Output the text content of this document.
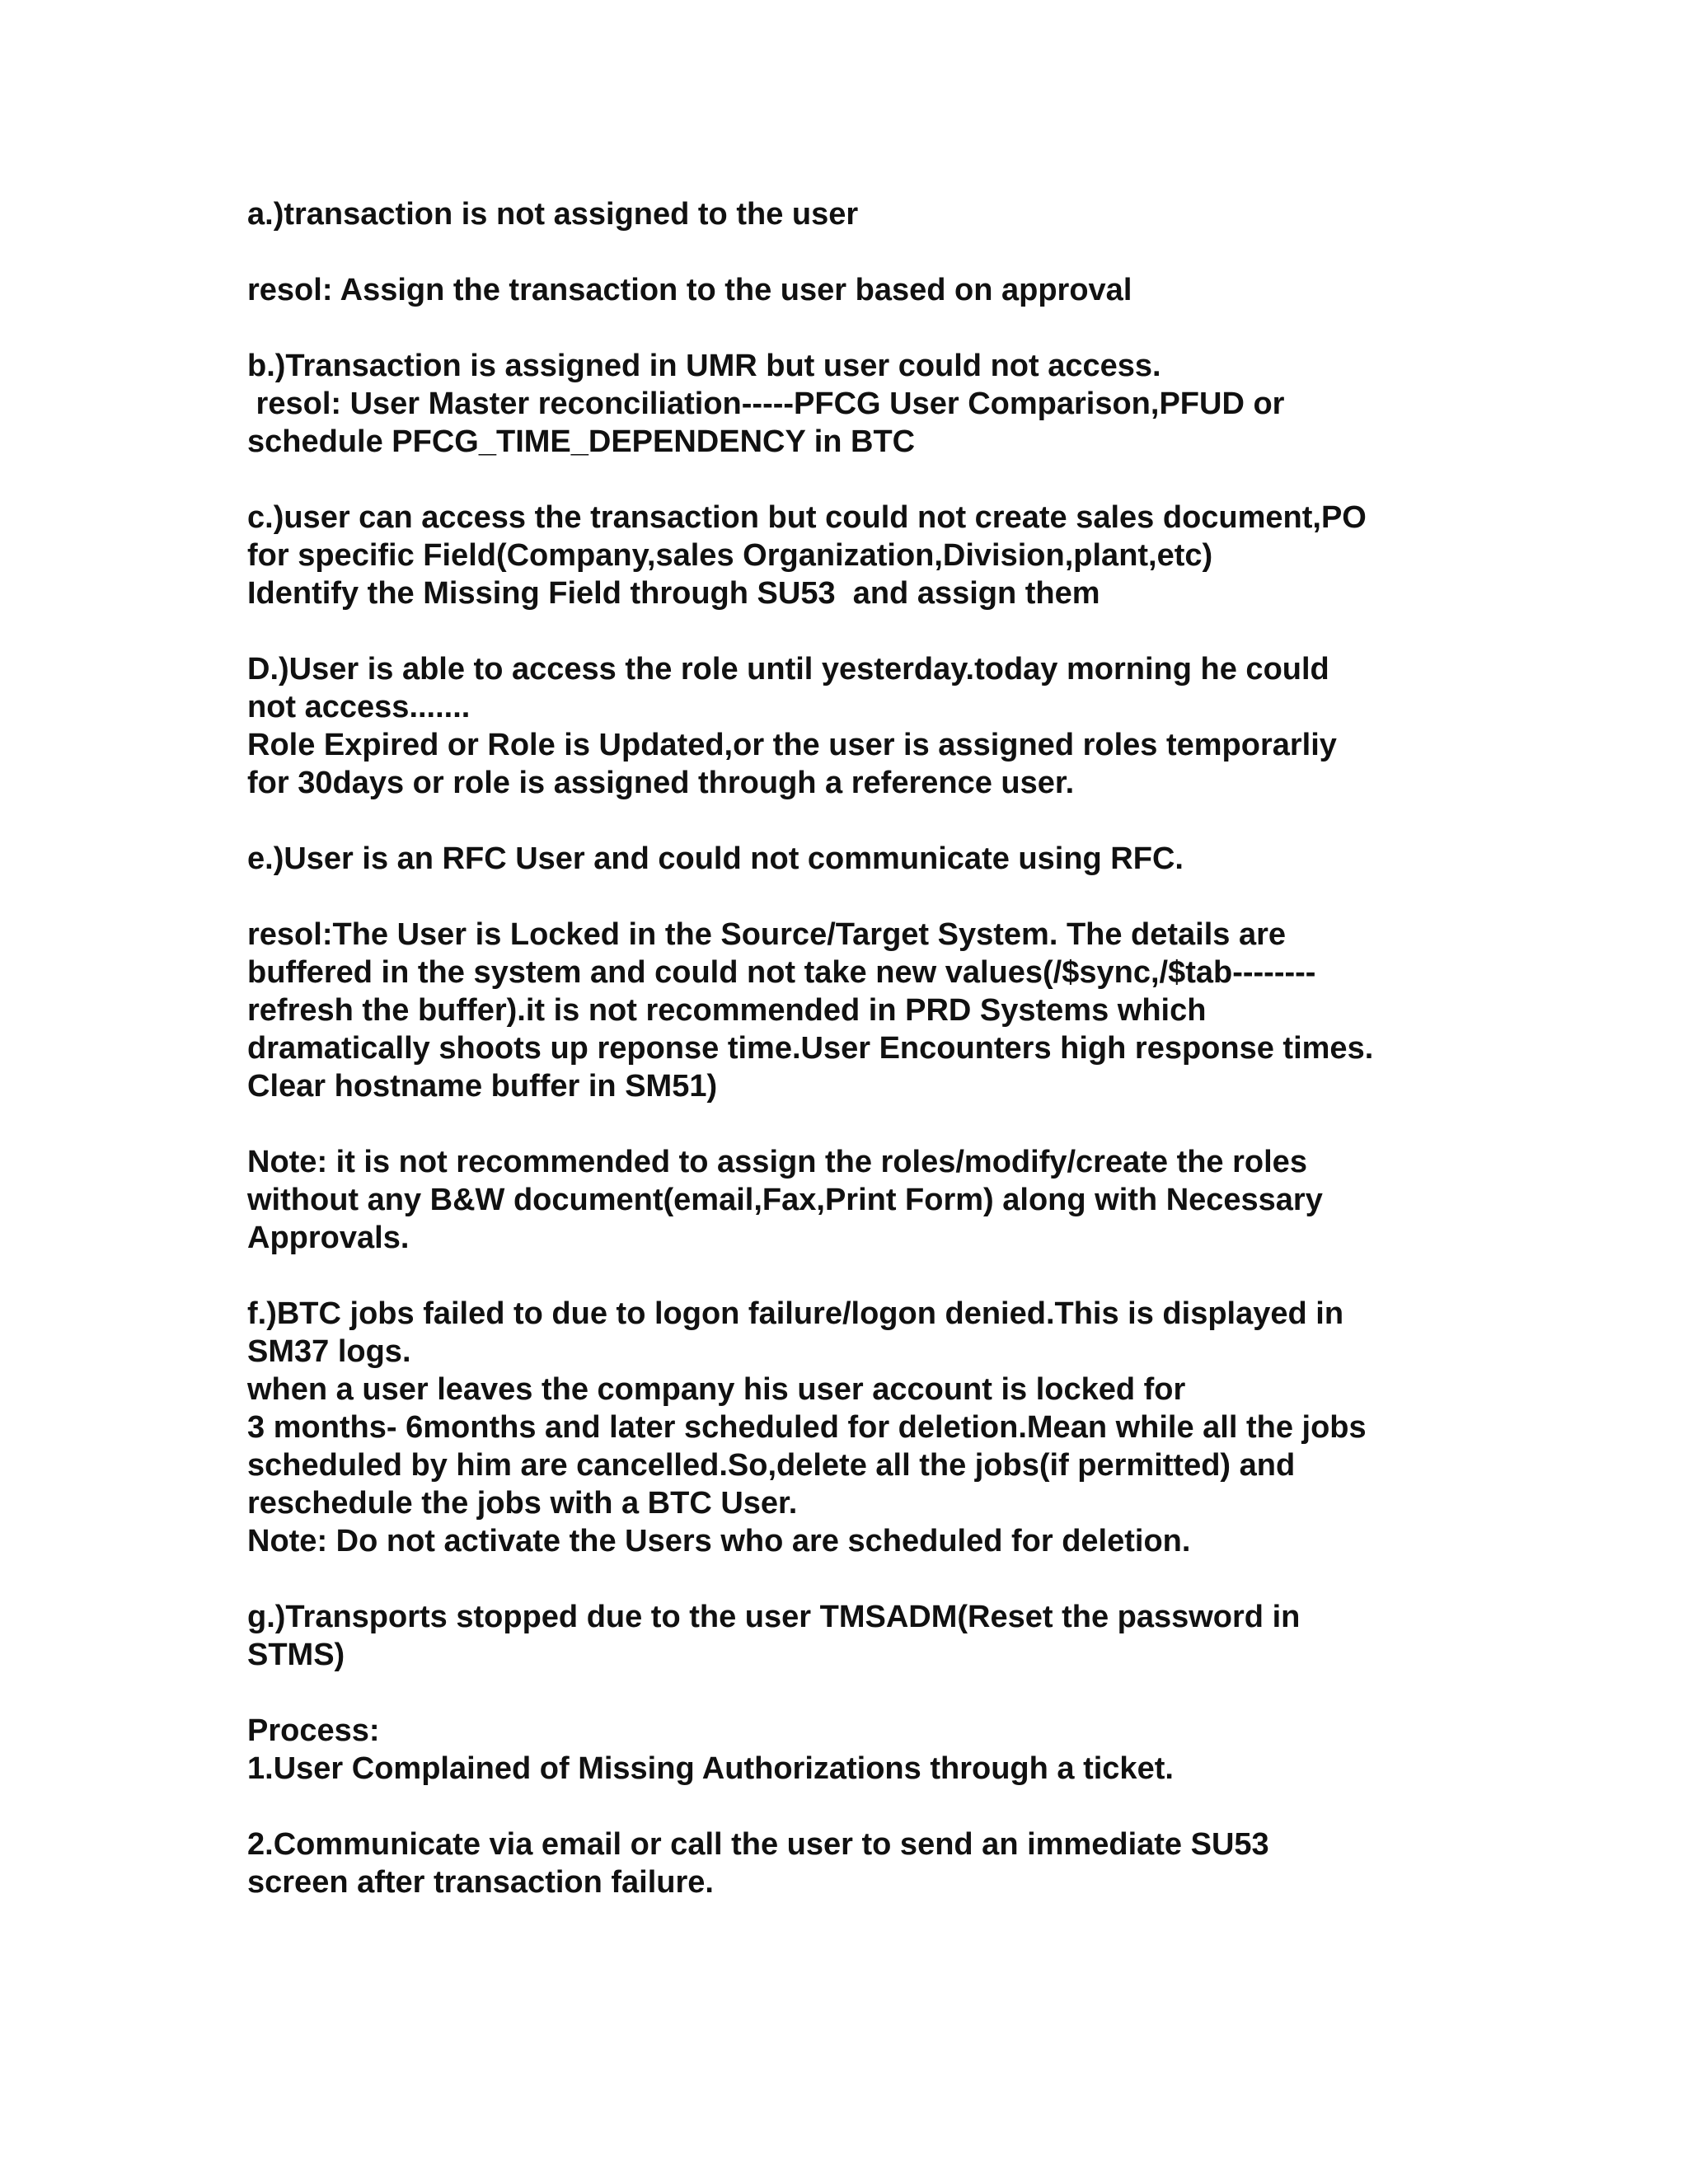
a.)transaction is not assigned to the user
resol: Assign the transaction to the user based on approval
b.)Transaction is assigned in UMR but user could not access.
resol: User Master reconciliation-----PFCG User Comparison,PFUD or
schedule PFCG_TIME_DEPENDENCY in BTC
c.)user can access the transaction but could not create sales document,PO
for specific Field(Company,sales Organization,Division,plant,etc)
Identify the Missing Field through SU53  and assign them
D.)User is able to access the role until yesterday.today morning he could
not access.......
Role Expired or Role is Updated,or the user is assigned roles temporarliy
for 30days or role is assigned through a reference user.
e.)User is an RFC User and could not communicate using RFC.
resol:The User is Locked in the Source/Target System. The details are
buffered in the system and could not take new values(/$sync,/$tab--------
refresh the buffer).it is not recommended in PRD Systems which
dramatically shoots up reponse time.User Encounters high response times.
Clear hostname buffer in SM51)
Note: it is not recommended to assign the roles/modify/create the roles
without any B&W document(email,Fax,Print Form) along with Necessary
Approvals.
f.)BTC jobs failed to due to logon failure/logon denied.This is displayed in
SM37 logs.
when a user leaves the company his user account is locked for
3 months- 6months and later scheduled for deletion.Mean while all the jobs
scheduled by him are cancelled.So,delete all the jobs(if permitted) and
reschedule the jobs with a BTC User.
Note: Do not activate the Users who are scheduled for deletion.
g.)Transports stopped due to the user TMSADM(Reset the password in
STMS)
Process:
1.User Complained of Missing Authorizations through a ticket.
2.Communicate via email or call the user to send an immediate SU53
screen after transaction failure.
